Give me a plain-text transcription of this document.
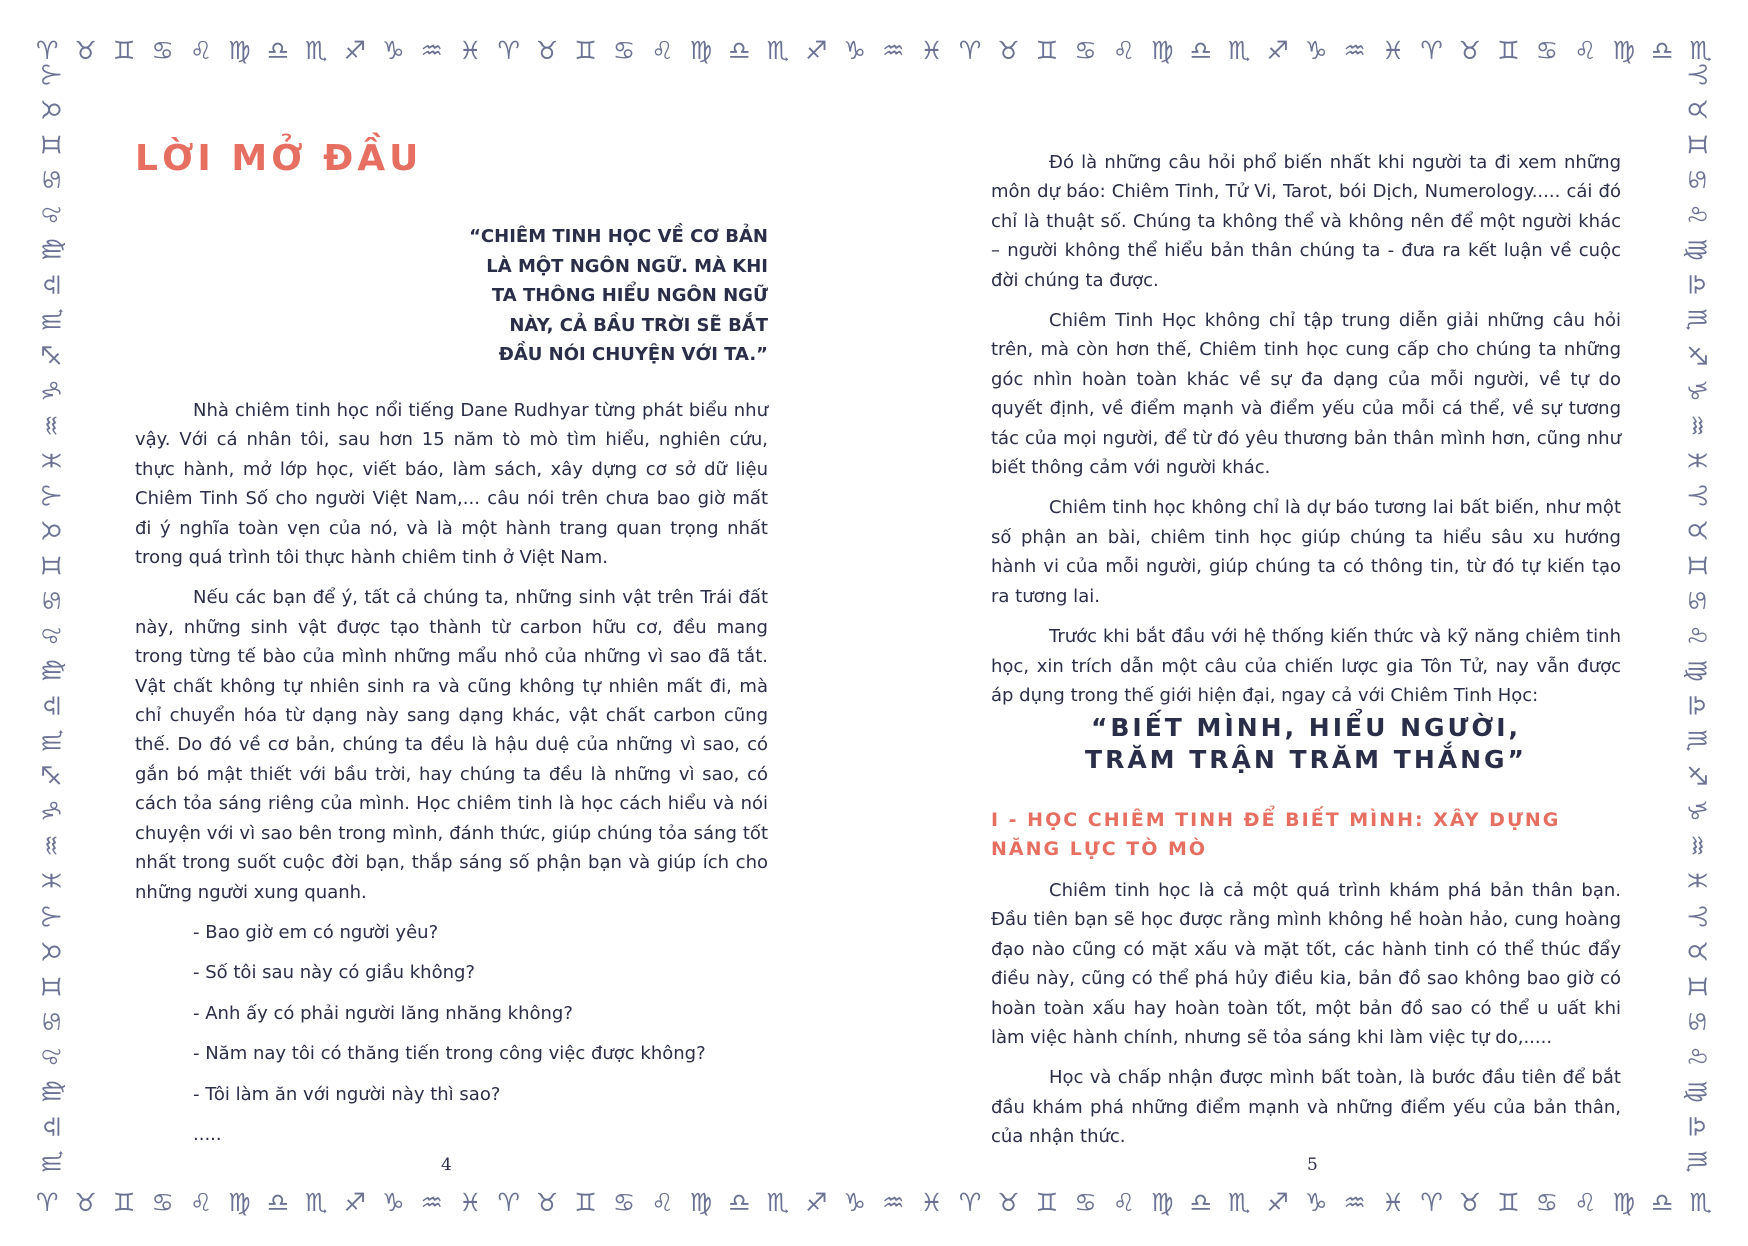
♈︎ ♉︎ ♊︎ ♋︎ ♌︎ ♍︎ ♎︎ ♏︎ ♐︎ ♑︎ ♒︎ ♓︎ ♈︎ ♉︎ ♊︎ ♋︎ ♌︎ ♍︎ ♎︎ ♏︎ ♐︎ ♑︎ ♒︎ ♓︎ ♈︎ ♉︎ ♊︎ ♋︎ ♌︎ ♍︎ ♎︎ ♏︎ ♐︎ ♑︎ ♒︎ ♓︎ ♈︎ ♉︎ ♊︎ ♋︎ ♌︎ ♍︎ ♎︎ ♏︎
♈︎ ♉︎ ♊︎ ♋︎ ♌︎ ♍︎ ♎︎ ♏︎ ♐︎ ♑︎ ♒︎ ♓︎ ♈︎ ♉︎ ♊︎ ♋︎ ♌︎ ♍︎ ♎︎ ♏︎ ♐︎ ♑︎ ♒︎ ♓︎ ♈︎ ♉︎ ♊︎ ♋︎ ♌︎ ♍︎ ♎︎ ♏︎ ♐︎ ♑︎ ♒︎ ♓︎ ♈︎ ♉︎ ♊︎ ♋︎ ♌︎ ♍︎ ♎︎ ♏︎
♈︎
♉︎
♊︎
♋︎
♌︎
♍︎
♎︎
♏︎
♐︎
♑︎
♒︎
♓︎
♈︎
♉︎
♊︎
♋︎
♌︎
♍︎
♎︎
♏︎
♐︎
♑︎
♒︎
♓︎
♈︎
♉︎
♊︎
♋︎
♌︎
♍︎
♎︎
♏︎
♈︎
♉︎
♊︎
♋︎
♌︎
♍︎
♎︎
♏︎
♐︎
♑︎
♒︎
♓︎
♈︎
♉︎
♊︎
♋︎
♌︎
♍︎
♎︎
♏︎
♐︎
♑︎
♒︎
♓︎
♈︎
♉︎
♊︎
♋︎
♌︎
♍︎
♎︎
♏︎
LỜI MỞ ĐẦU
“CHIÊM TINH HỌC VỀ CƠ BẢN
LÀ MỘT NGÔN NGỮ. MÀ KHI
TA THÔNG HIỂU NGÔN NGỮ
NÀY, CẢ BẦU TRỜI SẼ BẮT
ĐẦU NÓI CHUYỆN VỚI TA.”

Nhà chiêm tinh học nổi tiếng Dane Rudhyar từng phát biểu như vậy. Với cá nhân tôi, sau hơn 15 năm tò mò tìm hiểu, nghiên cứu, thực hành, mở lớp học, viết báo, làm sách, xây dựng cơ sở dữ liệu Chiêm Tinh Số cho người Việt Nam,... câu nói trên chưa bao giờ mất đi ý nghĩa toàn vẹn của nó, và là một hành trang quan trọng nhất trong quá trình tôi thực hành chiêm tinh ở Việt Nam.

Nếu các bạn để ý, tất cả chúng ta, những sinh vật trên Trái đất này, những sinh vật được tạo thành từ carbon hữu cơ, đều mang trong từng tế bào của mình những mẩu nhỏ của những vì sao đã tắt. Vật chất không tự nhiên sinh ra và cũng không tự nhiên mất đi, mà chỉ chuyển hóa từ dạng này sang dạng khác, vật chất carbon cũng thế. Do đó về cơ bản, chúng ta đều là hậu duệ của những vì sao, có gắn bó mật thiết với bầu trời, hay chúng ta đều là những vì sao, có cách tỏa sáng riêng của mình. Học chiêm tinh là học cách hiểu và nói chuyện với vì sao bên trong mình, đánh thức, giúp chúng tỏa sáng tốt nhất trong suốt cuộc đời bạn, thắp sáng số phận bạn và giúp ích cho những người xung quanh.

- Bao giờ em có người yêu?
- Số tôi sau này có giầu không?
- Anh ấy có phải người lăng nhăng không?
- Năm nay tôi có thăng tiến trong công việc được không?
- Tôi làm ăn với người này thì sao?
.....
4

Đó là những câu hỏi phổ biến nhất khi người ta đi xem những môn dự báo: Chiêm Tinh, Tử Vi, Tarot, bói Dịch, Numerology..... cái đó chỉ là thuật số. Chúng ta không thể và không nên để một người khác – người không thể hiểu bản thân chúng ta - đưa ra kết luận về cuộc đời chúng ta được.

Chiêm Tinh Học không chỉ tập trung diễn giải những câu hỏi trên, mà còn hơn thế, Chiêm tinh học cung cấp cho chúng ta những góc nhìn hoàn toàn khác về sự đa dạng của mỗi người, về tự do quyết định, về điểm mạnh và điểm yếu của mỗi cá thể, về sự tương tác của mọi người, để từ đó yêu thương bản thân mình hơn, cũng như biết thông cảm với người khác.

Chiêm tinh học không chỉ là dự báo tương lai bất biến, như một số phận an bài, chiêm tinh học giúp chúng ta hiểu sâu xu hướng hành vi của mỗi người, giúp chúng ta có thông tin, từ đó tự kiến tạo ra tương lai.

Trước khi bắt đầu với hệ thống kiến thức và kỹ năng chiêm tinh học, xin trích dẫn một câu của chiến lược gia Tôn Tử, nay vẫn được áp dụng trong thế giới hiện đại, ngay cả với Chiêm Tinh Học:

“BIẾT MÌNH, HIỂU NGƯỜI,
TRĂM TRẬN TRĂM THẮNG”
I - HỌC CHIÊM TINH ĐỂ BIẾT MÌNH: XÂY DỰNG NĂNG LỰC TÒ MÒ

Chiêm tinh học là cả một quá trình khám phá bản thân bạn. Đầu tiên bạn sẽ học được rằng mình không hề hoàn hảo, cung hoàng đạo nào cũng có mặt xấu và mặt tốt, các hành tinh có thể thúc đẩy điều này, cũng có thể phá hủy điều kia, bản đồ sao không bao giờ có hoàn toàn xấu hay hoàn toàn tốt, một bản đồ sao có thể u uất khi làm việc hành chính, nhưng sẽ tỏa sáng khi làm việc tự do,.....

Học và chấp nhận được mình bất toàn, là bước đầu tiên để bắt đầu khám phá những điểm mạnh và những điểm yếu của bản thân, của nhận thức.

5
